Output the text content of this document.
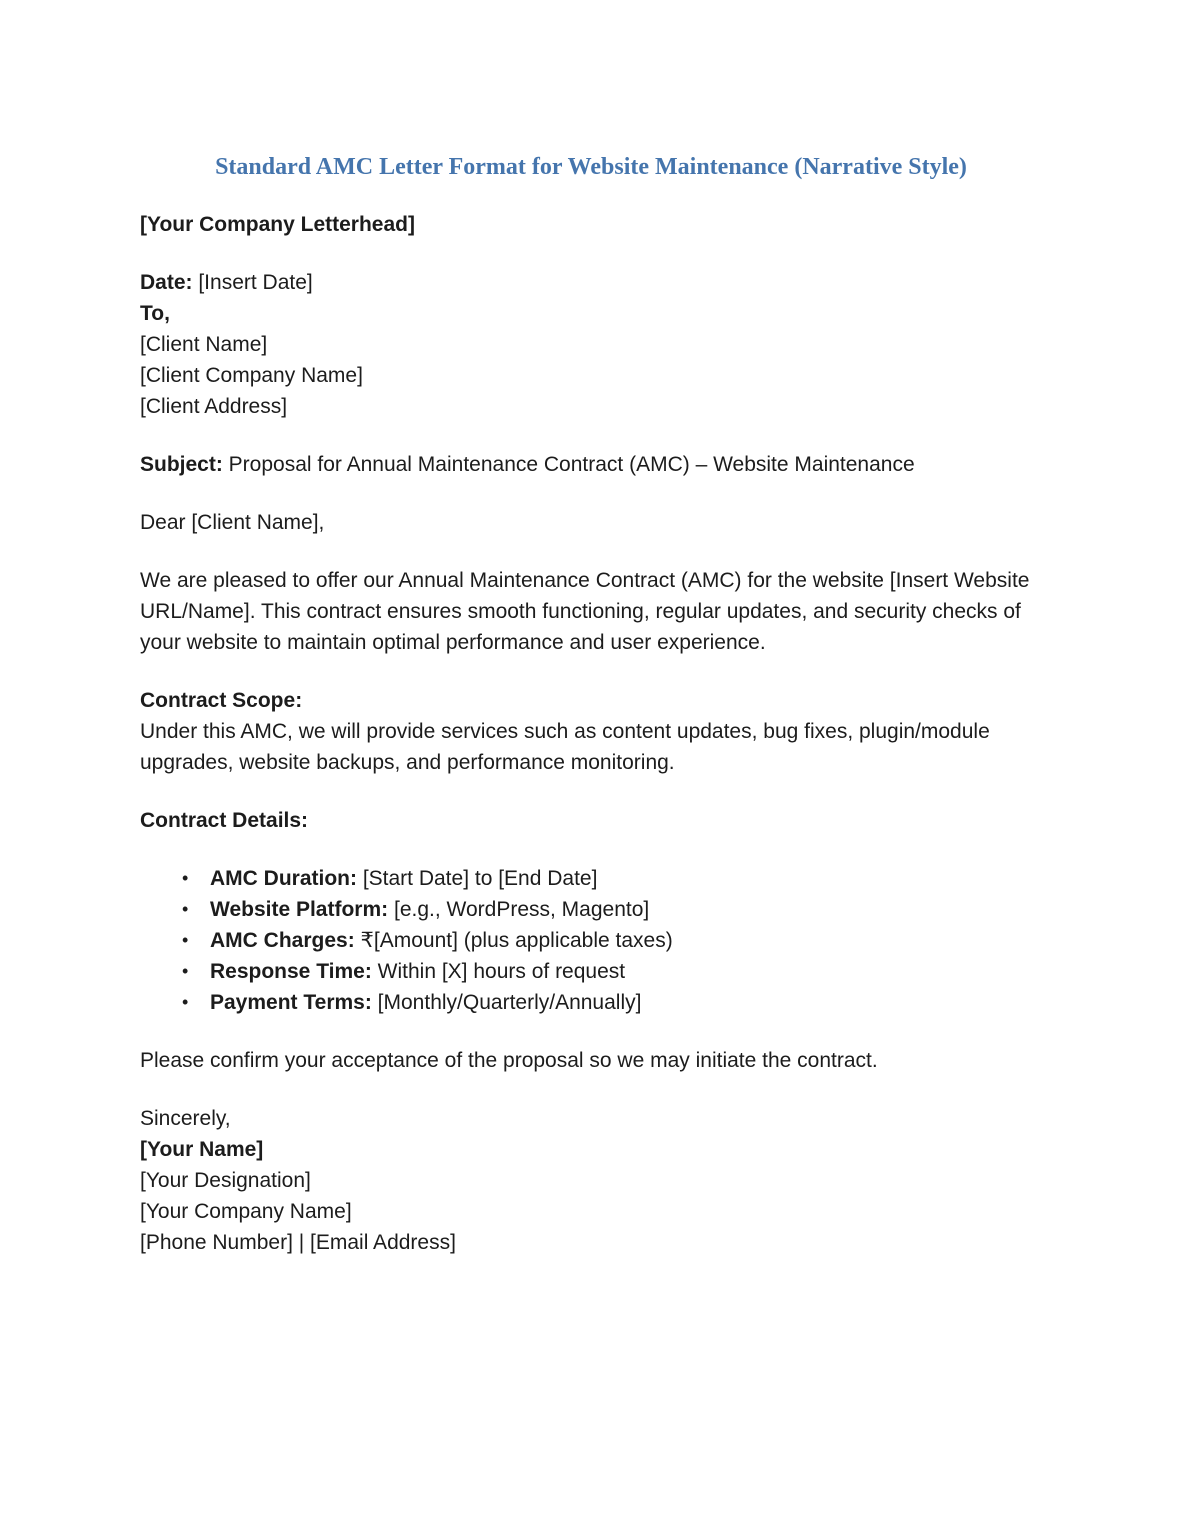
Standard AMC Letter Format for Website Maintenance (Narrative Style)

[Your Company Letterhead]

Date: [Insert Date]
To,
[Client Name]
[Client Company Name]
[Client Address]

Subject: Proposal for Annual Maintenance Contract (AMC) – Website Maintenance

Dear [Client Name],

We are pleased to offer our Annual Maintenance Contract (AMC) for the website [Insert Website URL/Name]. This contract ensures smooth functioning, regular updates, and security checks of your website to maintain optimal performance and user experience.

Contract Scope:
Under this AMC, we will provide services such as content updates, bug fixes, plugin/module upgrades, website backups, and performance monitoring.

Contract Details:

• AMC Duration: [Start Date] to [End Date]
• Website Platform: [e.g., WordPress, Magento]
• AMC Charges: ₹[Amount] (plus applicable taxes)
• Response Time: Within [X] hours of request
• Payment Terms: [Monthly/Quarterly/Annually]

Please confirm your acceptance of the proposal so we may initiate the contract.

Sincerely,
[Your Name]
[Your Designation]
[Your Company Name]
[Phone Number] | [Email Address]
